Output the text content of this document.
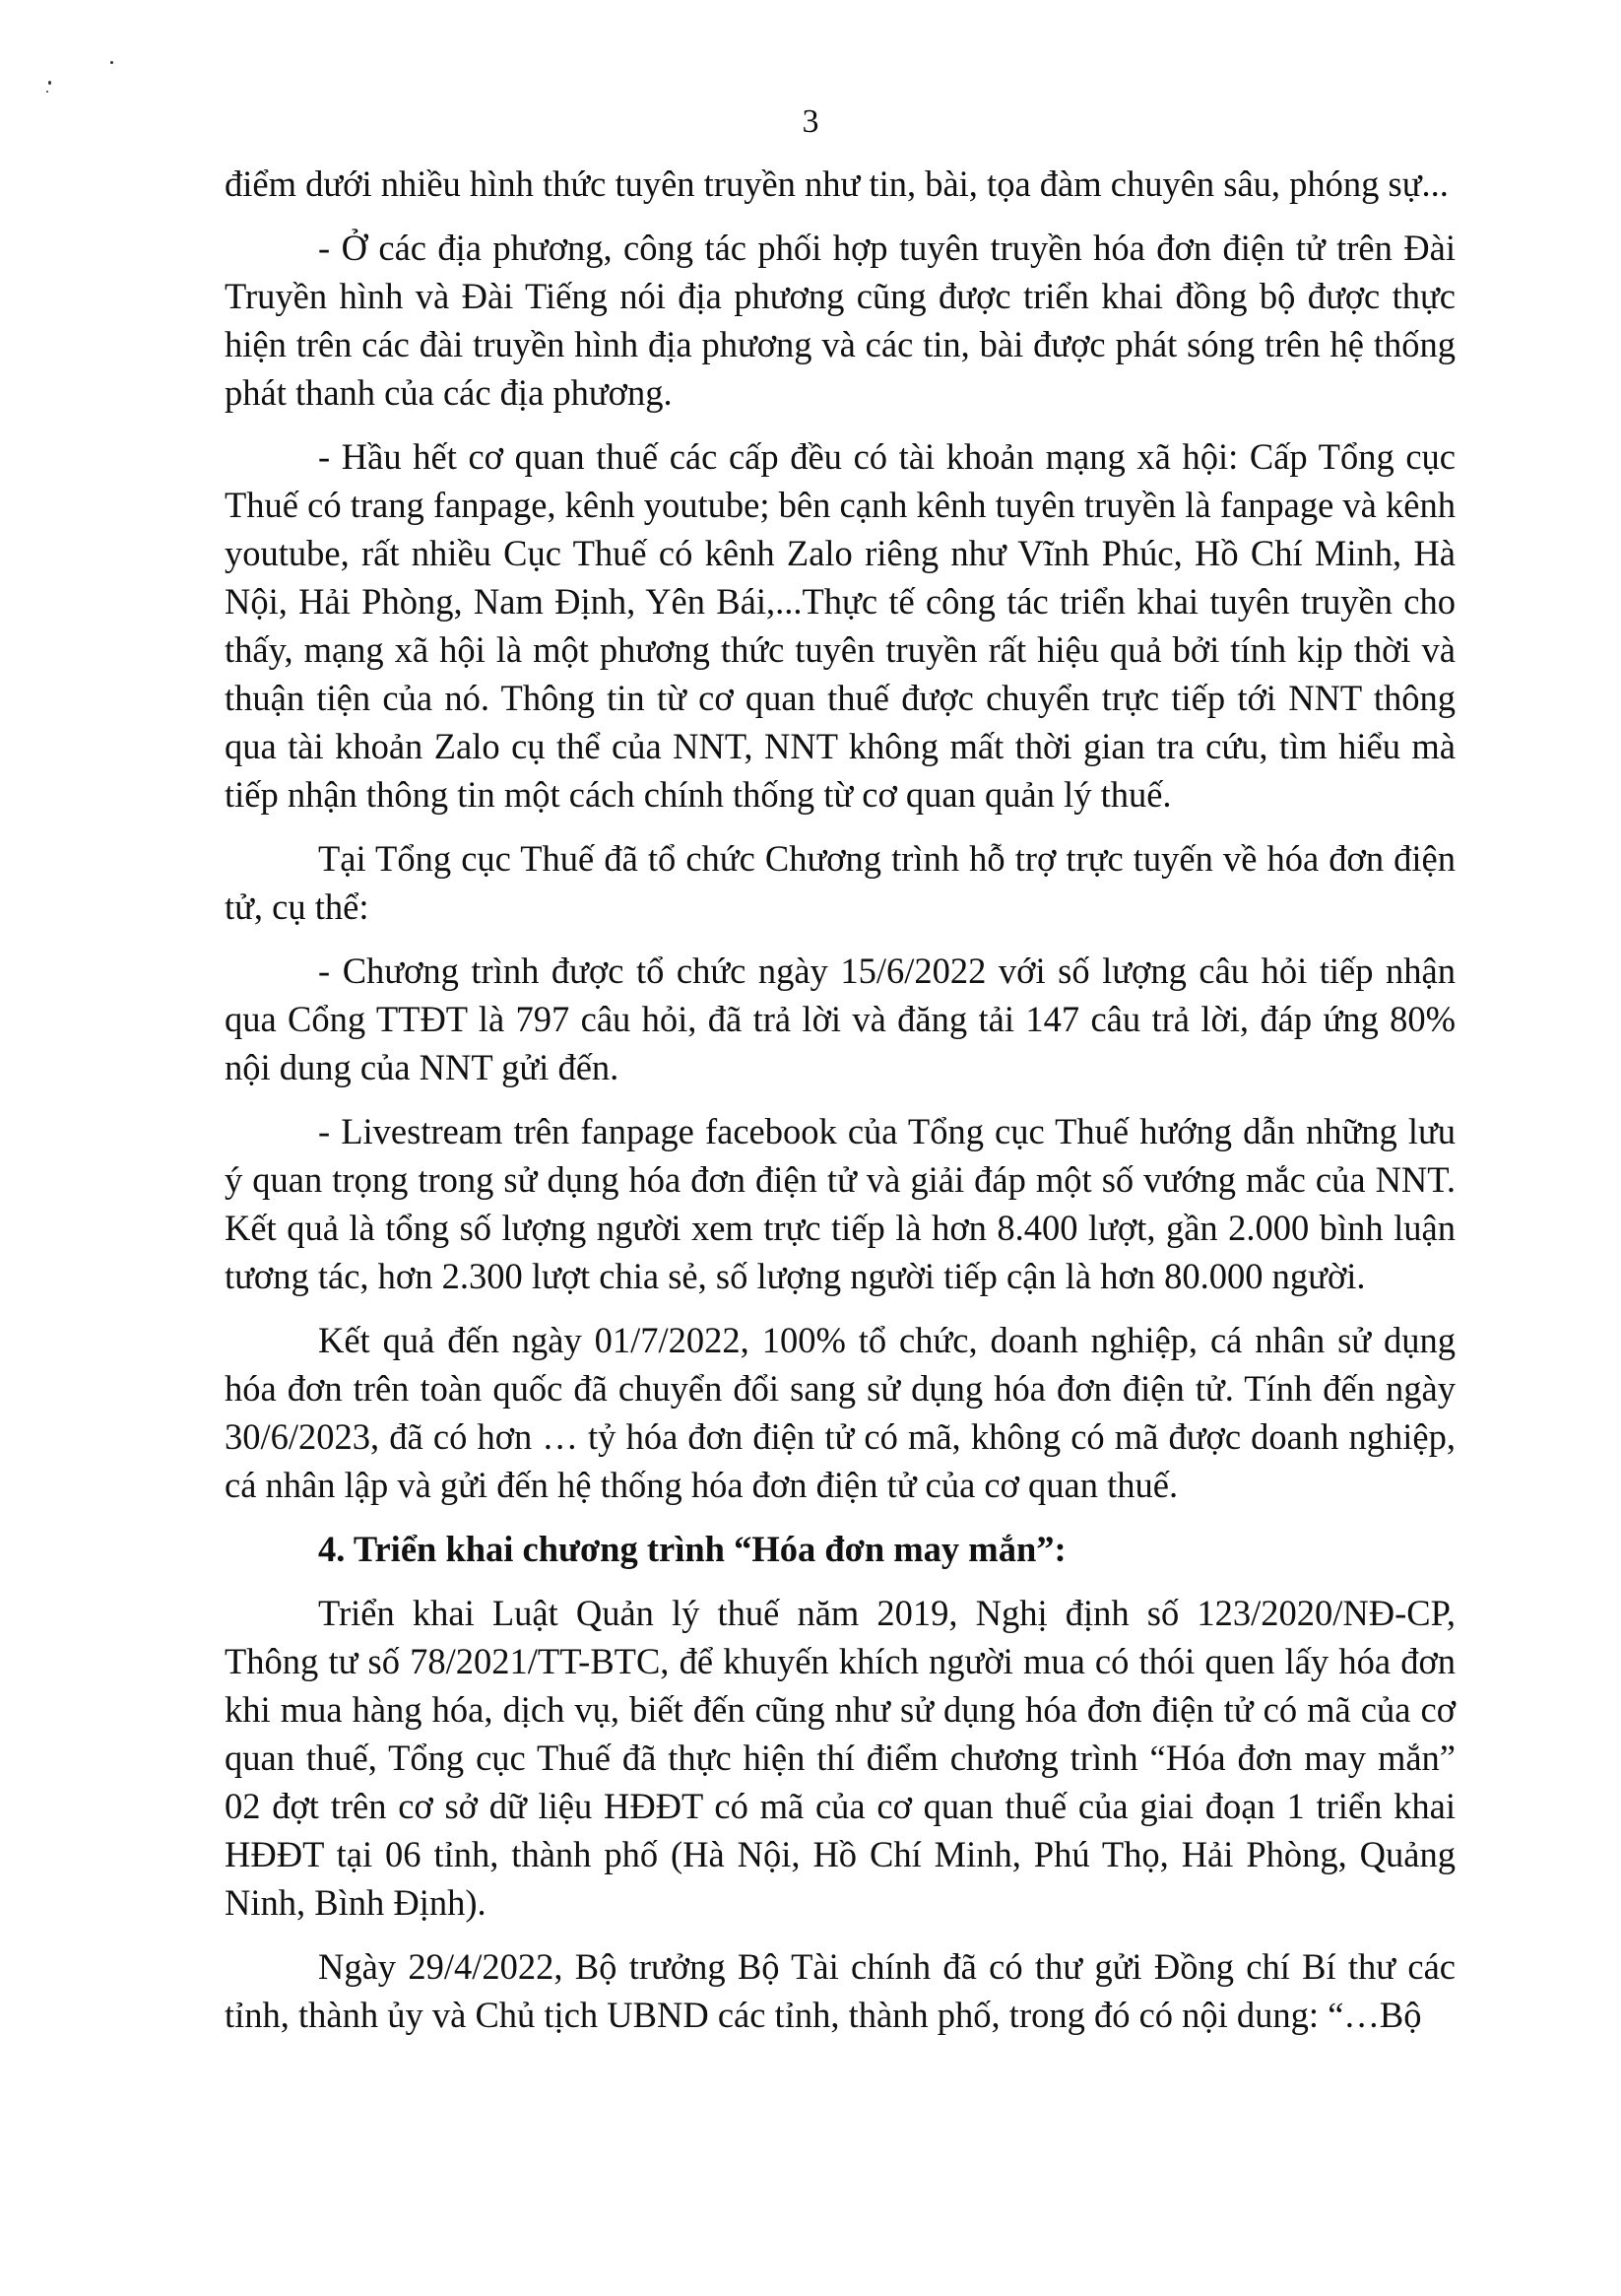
3

điểm dưới nhiều hình thức tuyên truyền như tin, bài, tọa đàm chuyên sâu, phóng sự...

- Ở các địa phương, công tác phối hợp tuyên truyền hóa đơn điện tử trên Đài Truyền hình và Đài Tiếng nói địa phương cũng được triển khai đồng bộ được thực hiện trên các đài truyền hình địa phương và các tin, bài được phát sóng trên hệ thống phát thanh của các địa phương.

- Hầu hết cơ quan thuế các cấp đều có tài khoản mạng xã hội: Cấp Tổng cục Thuế có trang fanpage, kênh youtube; bên cạnh kênh tuyên truyền là fanpage và kênh youtube, rất nhiều Cục Thuế có kênh Zalo riêng như Vĩnh Phúc, Hồ Chí Minh, Hà Nội, Hải Phòng, Nam Định, Yên Bái,...Thực tế công tác triển khai tuyên truyền cho thấy, mạng xã hội là một phương thức tuyên truyền rất hiệu quả bởi tính kịp thời và thuận tiện của nó. Thông tin từ cơ quan thuế được chuyển trực tiếp tới NNT thông qua tài khoản Zalo cụ thể của NNT, NNT không mất thời gian tra cứu, tìm hiểu mà tiếp nhận thông tin một cách chính thống từ cơ quan quản lý thuế.

Tại Tổng cục Thuế đã tổ chức Chương trình hỗ trợ trực tuyến về hóa đơn điện tử, cụ thể:

- Chương trình được tổ chức ngày 15/6/2022 với số lượng câu hỏi tiếp nhận qua Cổng TTĐT là 797 câu hỏi, đã trả lời và đăng tải 147 câu trả lời, đáp ứng 80% nội dung của NNT gửi đến.

- Livestream trên fanpage facebook của Tổng cục Thuế hướng dẫn những lưu ý quan trọng trong sử dụng hóa đơn điện tử và giải đáp một số vướng mắc của NNT. Kết quả là tổng số lượng người xem trực tiếp là hơn 8.400 lượt, gần 2.000 bình luận tương tác, hơn 2.300 lượt chia sẻ, số lượng người tiếp cận là hơn 80.000 người.

Kết quả đến ngày 01/7/2022, 100% tổ chức, doanh nghiệp, cá nhân sử dụng hóa đơn trên toàn quốc đã chuyển đổi sang sử dụng hóa đơn điện tử. Tính đến ngày 30/6/2023, đã có hơn … tỷ hóa đơn điện tử có mã, không có mã được doanh nghiệp, cá nhân lập và gửi đến hệ thống hóa đơn điện tử của cơ quan thuế.

4. Triển khai chương trình “Hóa đơn may mắn”:

Triển khai Luật Quản lý thuế năm 2019, Nghị định số 123/2020/NĐ-CP, Thông tư số 78/2021/TT-BTC, để khuyến khích người mua có thói quen lấy hóa đơn khi mua hàng hóa, dịch vụ, biết đến cũng như sử dụng hóa đơn điện tử có mã của cơ quan thuế, Tổng cục Thuế đã thực hiện thí điểm chương trình “Hóa đơn may mắn” 02 đợt trên cơ sở dữ liệu HĐĐT có mã của cơ quan thuế của giai đoạn 1 triển khai HĐĐT tại 06 tỉnh, thành phố (Hà Nội, Hồ Chí Minh, Phú Thọ, Hải Phòng, Quảng Ninh, Bình Định).

Ngày 29/4/2022, Bộ trưởng Bộ Tài chính đã có thư gửi Đồng chí Bí thư các tỉnh, thành ủy và Chủ tịch UBND các tỉnh, thành phố, trong đó có nội dung: “…Bộ
